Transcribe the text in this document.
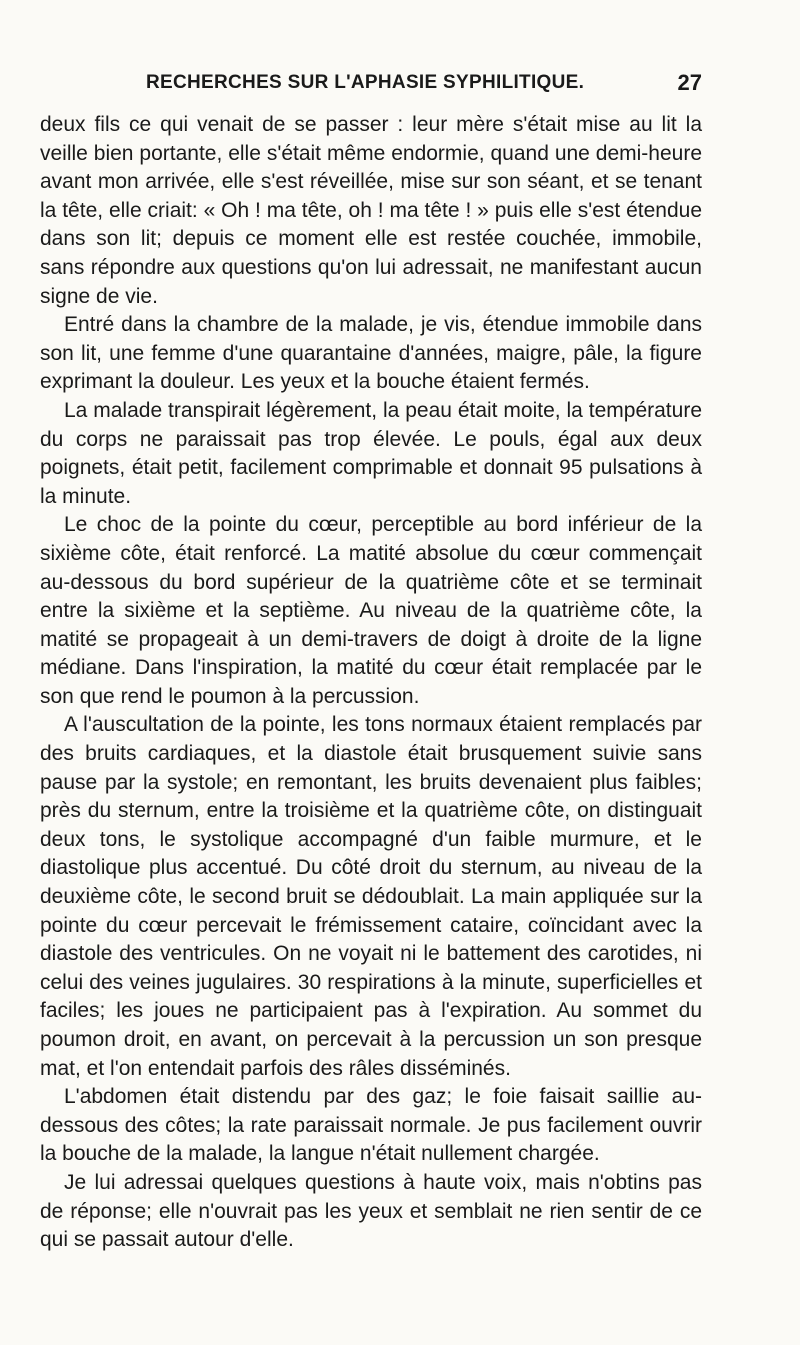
RECHERCHES SUR L'APHASIE SYPHILITIQUE.	27

deux fils ce qui venait de se passer : leur mère s'était mise au lit la veille bien portante, elle s'était même endormie, quand une demi-heure avant mon arrivée, elle s'est réveillée, mise sur son séant, et se tenant la tête, elle criait: « Oh ! ma tête, oh ! ma tête ! » puis elle s'est étendue dans son lit; depuis ce moment elle est restée couchée, immobile, sans répondre aux questions qu'on lui adressait, ne manifestant aucun signe de vie.

Entré dans la chambre de la malade, je vis, étendue immobile dans son lit, une femme d'une quarantaine d'années, maigre, pâle, la figure exprimant la douleur. Les yeux et la bouche étaient fermés.

La malade transpirait légèrement, la peau était moite, la température du corps ne paraissait pas trop élevée. Le pouls, égal aux deux poignets, était petit, facilement comprimable et donnait 95 pulsations à la minute.

Le choc de la pointe du cœur, perceptible au bord inférieur de la sixième côte, était renforcé. La matité absolue du cœur commençait au-dessous du bord supérieur de la quatrième côte et se terminait entre la sixième et la septième. Au niveau de la quatrième côte, la matité se propageait à un demi-travers de doigt à droite de la ligne médiane. Dans l'inspiration, la matité du cœur était remplacée par le son que rend le poumon à la percussion.

A l'auscultation de la pointe, les tons normaux étaient remplacés par des bruits cardiaques, et la diastole était brusquement suivie sans pause par la systole; en remontant, les bruits devenaient plus faibles; près du sternum, entre la troisième et la quatrième côte, on distinguait deux tons, le systolique accompagné d'un faible murmure, et le diastolique plus accentué. Du côté droit du sternum, au niveau de la deuxième côte, le second bruit se dédoublait. La main appliquée sur la pointe du cœur percevait le frémissement cataire, coïncidant avec la diastole des ventricules. On ne voyait ni le battement des carotides, ni celui des veines jugulaires. 30 respirations à la minute, superficielles et faciles; les joues ne participaient pas à l'expiration. Au sommet du poumon droit, en avant, on percevait à la percussion un son presque mat, et l'on entendait parfois des râles disséminés.

L'abdomen était distendu par des gaz; le foie faisait saillie au-dessous des côtes; la rate paraissait normale. Je pus facilement ouvrir la bouche de la malade, la langue n'était nullement chargée.

Je lui adressai quelques questions à haute voix, mais n'obtins pas de réponse; elle n'ouvrait pas les yeux et semblait ne rien sentir de ce qui se passait autour d'elle.
